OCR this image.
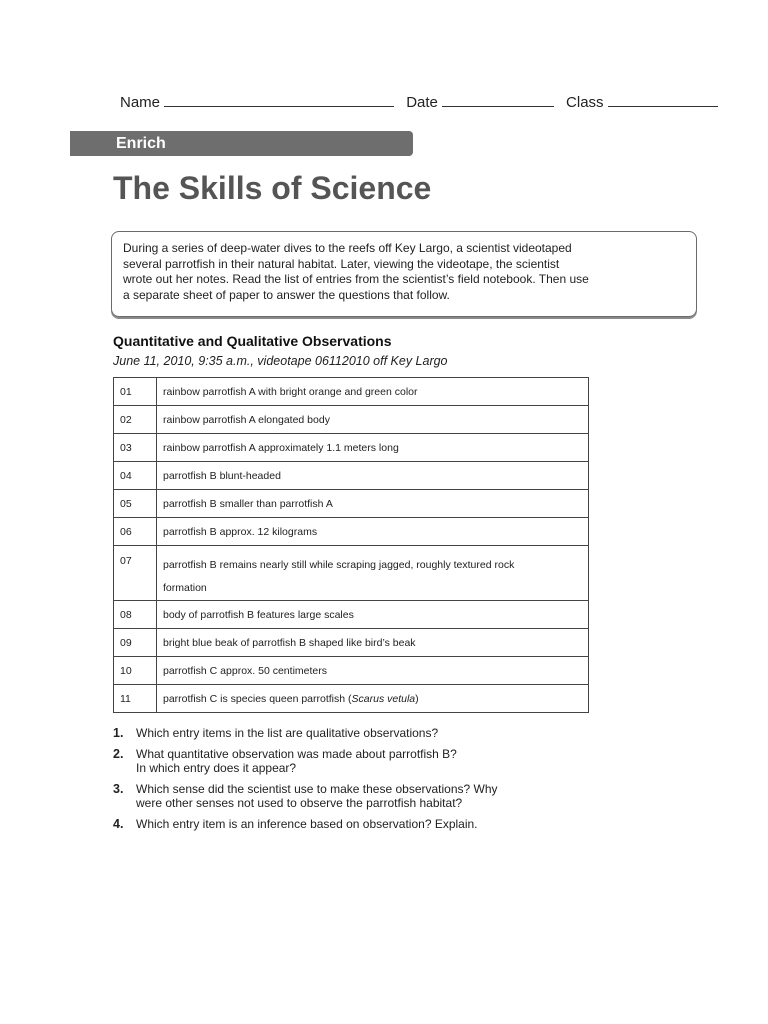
Name	Date	Class
Enrich
The Skills of Science

During a series of deep-water dives to the reefs off Key Largo, a scientist videotaped

several parrotfish in their natural habitat. Later, viewing the videotape, the scientist

wrote out her notes. Read the list of entries from the scientist’s field notebook. Then use

a separate sheet of paper to answer the questions that follow.

Quantitative and Qualitative Observations
June 11, 2010, 9:35 a.m., videotape 06112010 off Key Largo
01	rainbow parrotfish A with bright orange and green color
02	rainbow parrotfish A elongated body
03	rainbow parrotfish A approximately 1.1 meters long
04	parrotfish B blunt-headed
05	parrotfish B smaller than parrotfish A
06	parrotfish B approx. 12 kilograms
07	parrotfish B remains nearly still while scraping jagged, roughly textured rock formation
08	body of parrotfish B features large scales
09	bright blue beak of parrotfish B shaped like bird’s beak
10	parrotfish C approx. 50 centimeters
11	parrotfish C is species queen parrotfish (Scarus vetula)
1. Which entry items in the list are qualitative observations?
2. What quantitative observation was made about parrotfish B?
In which entry does it appear?
3. Which sense did the scientist use to make these observations? Why
were other senses not used to observe the parrotfish habitat?
4. Which entry item is an inference based on observation? Explain.
